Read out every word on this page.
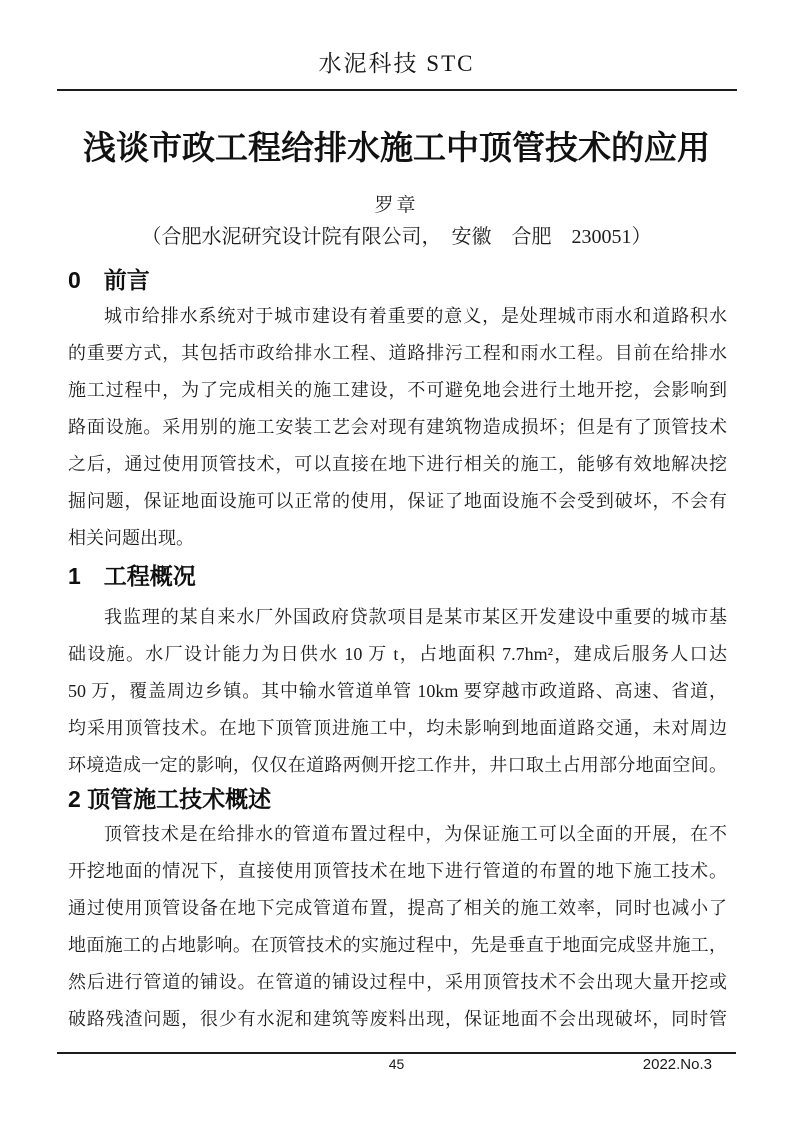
水泥科技 STC
浅谈市政工程给排水施工中顶管技术的应用
罗章
（合肥水泥研究设计院有限公司，　安徽　合肥　230051）
0　前言
城市给排水系统对于城市建设有着重要的意义，是处理城市雨水和道路积水
的重要方式，其包括市政给排水工程、道路排污工程和雨水工程。目前在给排水
施工过程中，为了完成相关的施工建设，不可避免地会进行土地开挖，会影响到
路面设施。采用别的施工安装工艺会对现有建筑物造成损坏；但是有了顶管技术
之后，通过使用顶管技术，可以直接在地下进行相关的施工，能够有效地解决挖
掘问题，保证地面设施可以正常的使用，保证了地面设施不会受到破坏，不会有
相关问题出现。
1　工程概况
我监理的某自来水厂外国政府贷款项目是某市某区开发建设中重要的城市基
础设施。水厂设计能力为日供水 10 万 t，占地面积 7.7hm²，建成后服务人口达
50 万，覆盖周边乡镇。其中输水管道单管 10km 要穿越市政道路、高速、省道，
均采用顶管技术。在地下顶管顶进施工中，均未影响到地面道路交通，未对周边
环境造成一定的影响，仅仅在道路两侧开挖工作井，井口取土占用部分地面空间。
2 顶管施工技术概述
顶管技术是在给排水的管道布置过程中，为保证施工可以全面的开展，在不
开挖地面的情况下，直接使用顶管技术在地下进行管道的布置的地下施工技术。
通过使用顶管设备在地下完成管道布置，提高了相关的施工效率，同时也减小了
地面施工的占地影响。在顶管技术的实施过程中，先是垂直于地面完成竖井施工，
然后进行管道的铺设。在管道的铺设过程中，采用顶管技术不会出现大量开挖或
破路残渣问题，很少有水泥和建筑等废料出现，保证地面不会出现破坏，同时管
45	2022.No.3
